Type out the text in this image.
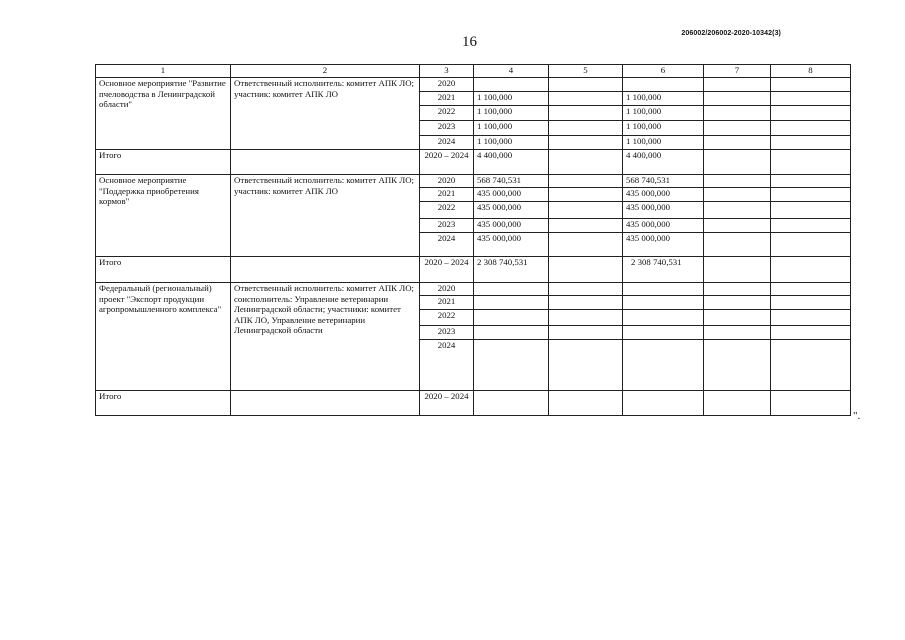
16
206002/206002-2020-10342(3)
1	2	3	4	5	6	7	8
Основное мероприятие "Развитие пчеловодства в Ленинградской области"	Ответственный исполнитель: комитет АПК ЛО; участник: комитет АПК ЛО	2020					
		2021	1 100,000		1 100,000		
		2022	1 100,000		1 100,000		
		2023	1 100,000		1 100,000		
		2024	1 100,000		1 100,000		
Итого		2020 – 2024	4 400,000		4 400,000		
Основное мероприятие "Поддержка приобретения кормов"	Ответственный исполнитель: комитет АПК ЛО; участник: комитет АПК ЛО	2020	568 740,531		568 740,531		
		2021	435 000,000		435 000,000		
		2022	435 000,000		435 000,000		
		2023	435 000,000		435 000,000		
		2024	435 000,000		435 000,000		
Итого		2020 – 2024	2 308 740,531		2 308 740,531		
Федеральный (региональный) проект "Экспорт продукции агропромышленного комплекса"	Ответственный исполнитель: комитет АПК ЛО; соисполнитель: Управление ветеринарии Ленинградской области; участники: комитет АПК ЛО, Управление ветеринарии Ленинградской области	2020					
		2021					
		2022					
		2023					
		2024					
Итого		2020 – 2024					
".
